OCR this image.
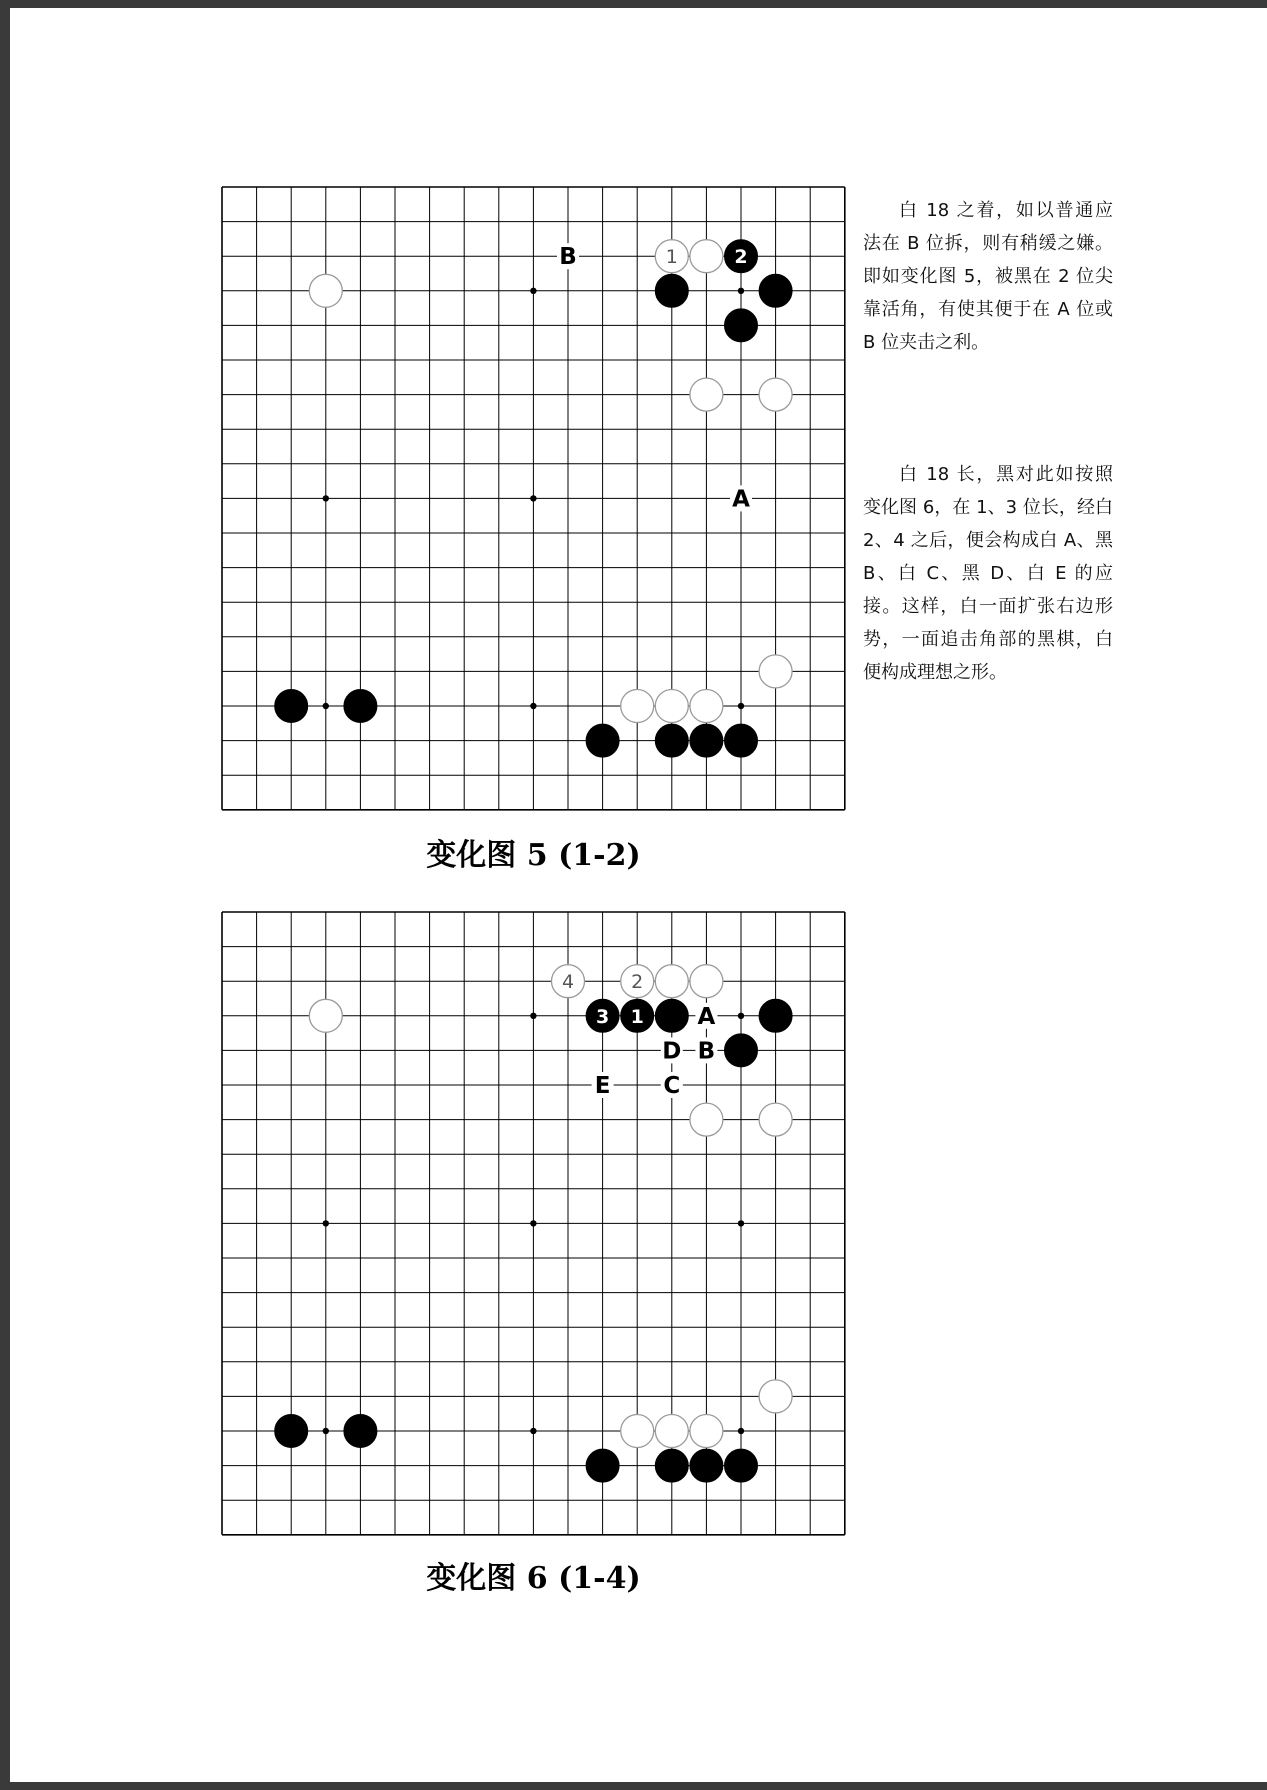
B
A
1	2
变化图 5 (1-2)
A
B
C
D
E
4	2
3 1
变化图 6 (1-4)

白 18 之着，如以普通应法在 B 位拆，则有稍缓之嫌。即如变化图 5，被黑在 2 位尖靠活角，有使其便于在 A 位或 B 位夹击之利。

白 18 长，黑对此如按照变化图 6，在 1、3 位长，经白 2、4 之后，便会构成白 A、黑 B、白 C、黑 D、白 E 的应接。这样，白一面扩张右边形势，一面追击角部的黑棋，白便构成理想之形。
